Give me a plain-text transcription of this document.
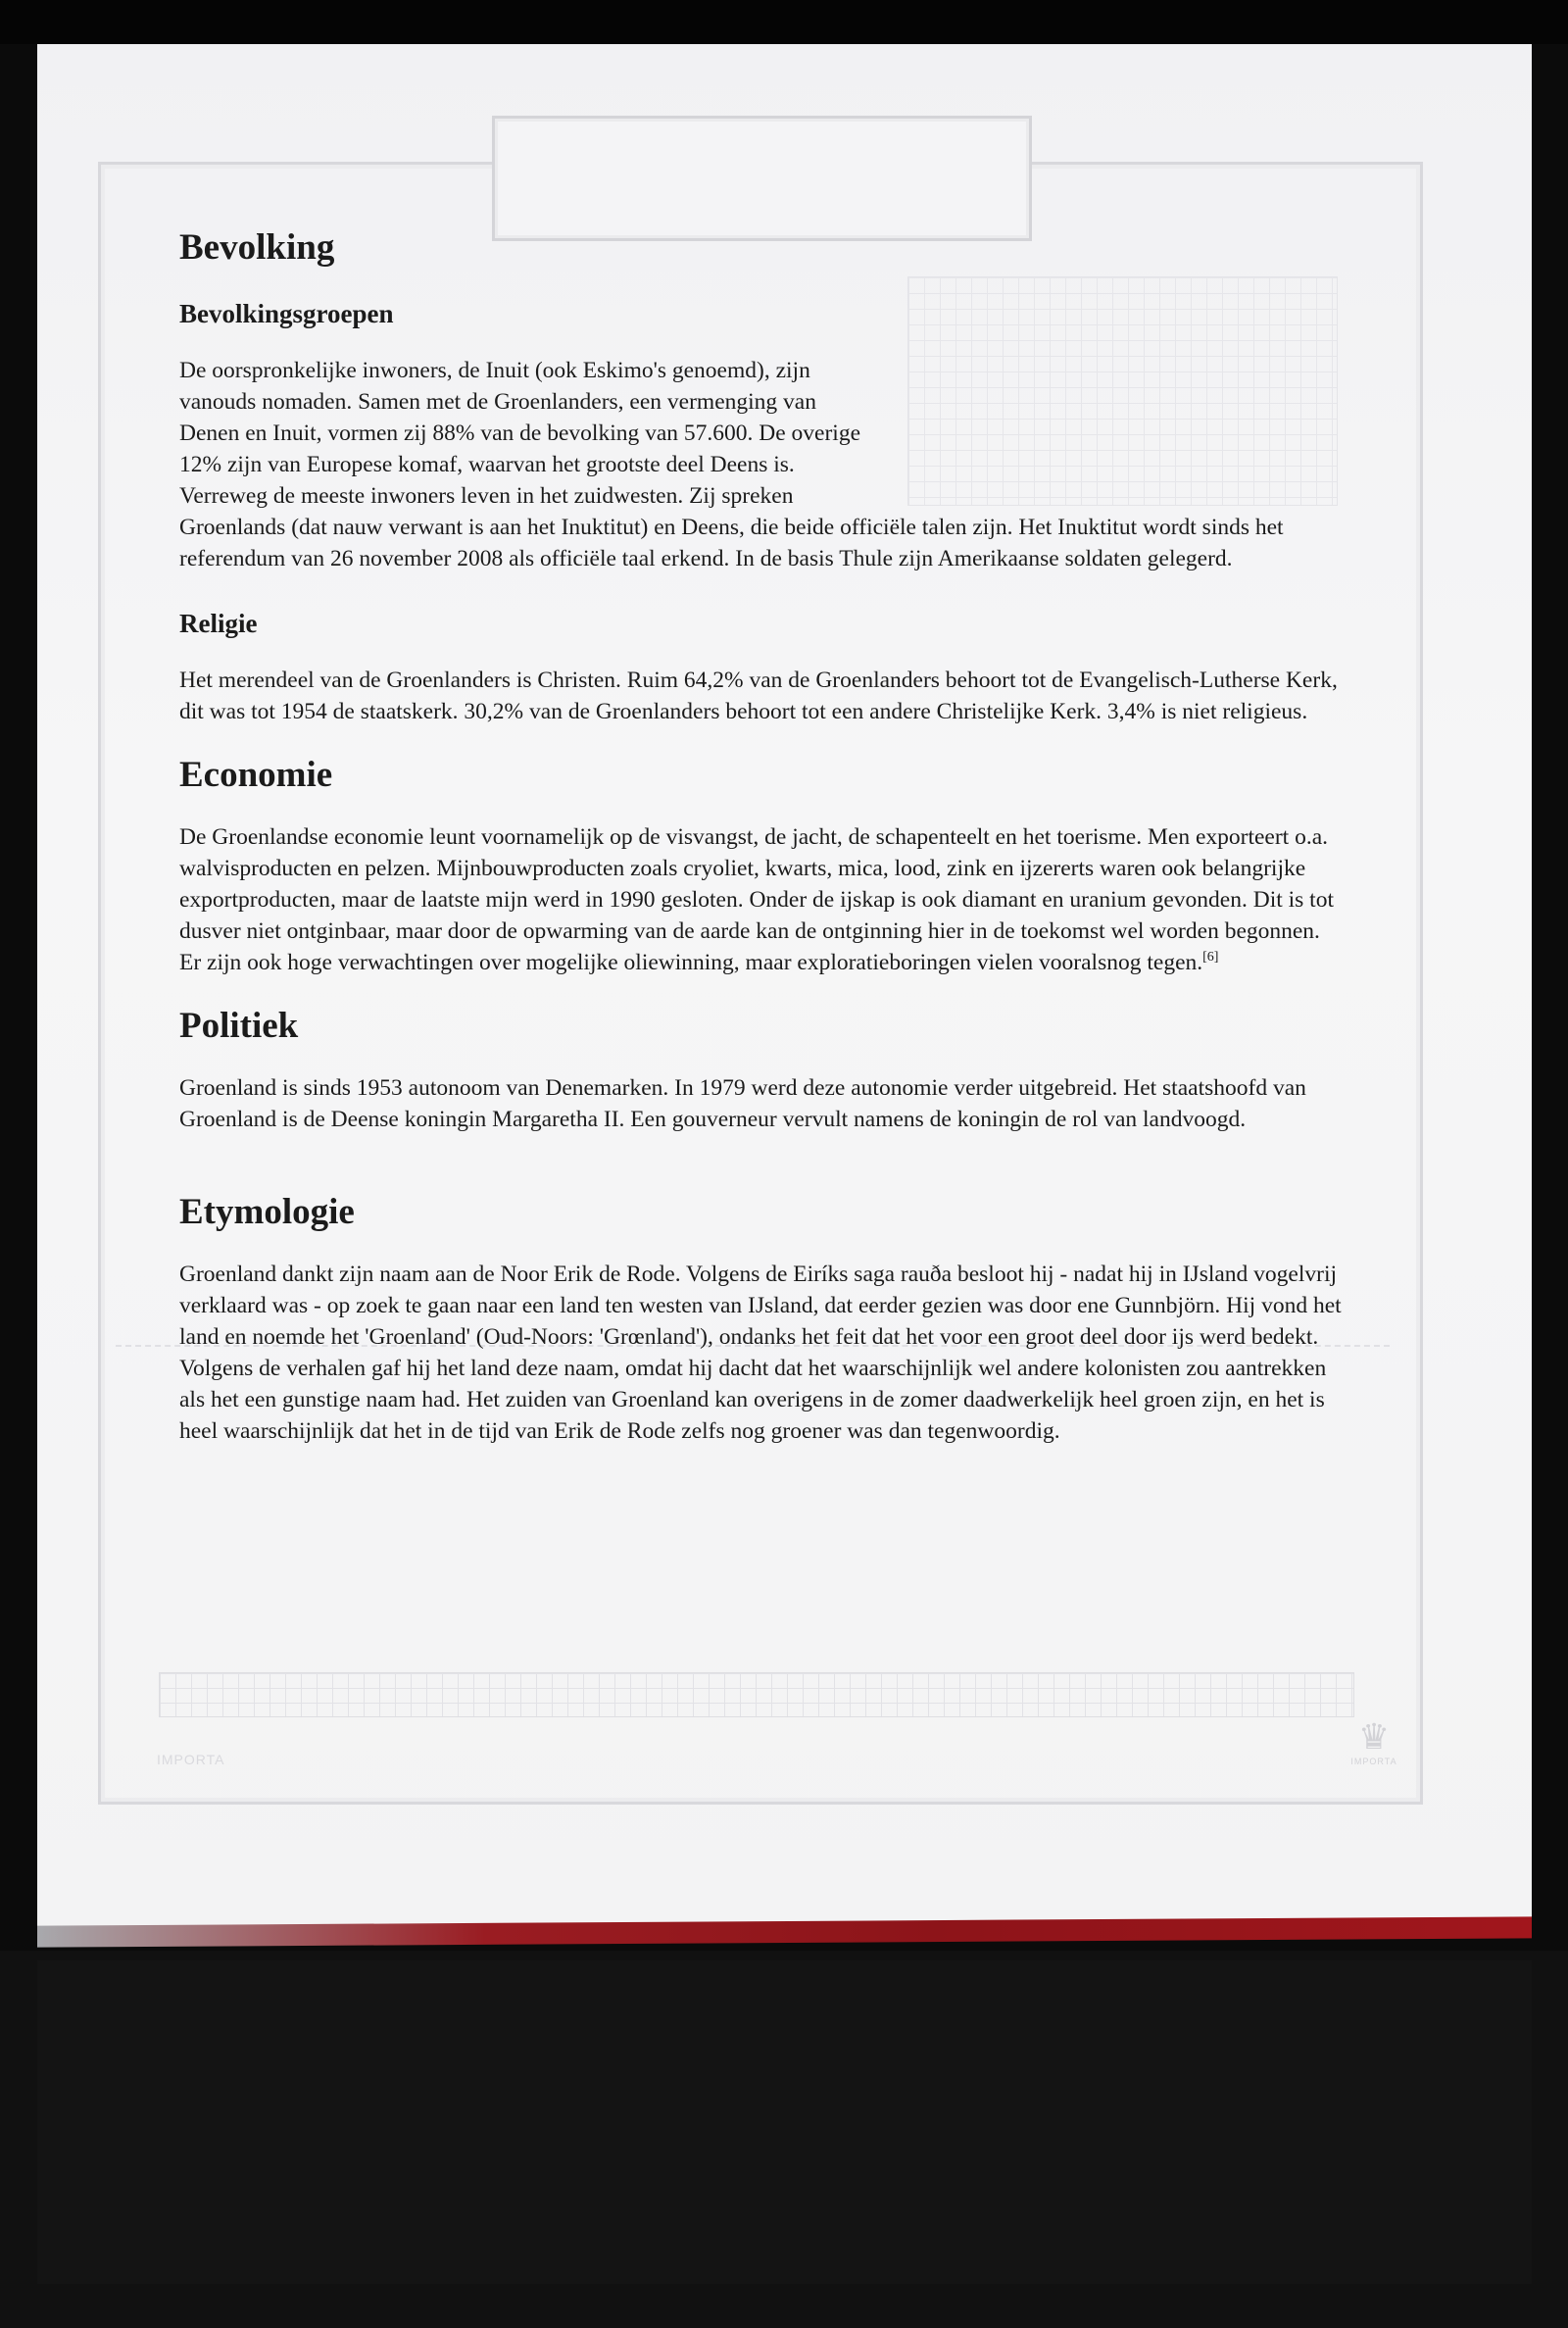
IMPORTA
♛
IMPORTA
Bevolking
Bevolkingsgroepen

De oorspronkelijke inwoners, de Inuit (ook Eskimo's genoemd), zijn vanouds nomaden. Samen met de Groenlanders, een vermenging van Denen en Inuit, vormen zij 88% van de bevolking van 57.600. De overige 12% zijn van Europese komaf, waarvan het grootste deel Deens is. Verreweg de meeste inwoners leven in het zuidwesten. Zij spreken Groenlands (dat nauw verwant is aan het Inuktitut) en Deens, die beide officiële talen zijn. Het Inuktitut wordt sinds het referendum van 26 november 2008 als officiële taal erkend. In de basis Thule zijn Amerikaanse soldaten gelegerd.

Religie

Het merendeel van de Groenlanders is Christen. Ruim 64,2% van de Groenlanders behoort tot de Evangelisch-Lutherse Kerk, dit was tot 1954 de staatskerk. 30,2% van de Groenlanders behoort tot een andere Christelijke Kerk. 3,4% is niet religieus.

Economie

De Groenlandse economie leunt voornamelijk op de visvangst, de jacht, de schapenteelt en het toerisme. Men exporteert o.a. walvisproducten en pelzen. Mijnbouwproducten zoals cryoliet, kwarts, mica, lood, zink en ijzererts waren ook belangrijke exportproducten, maar de laatste mijn werd in 1990 gesloten. Onder de ijskap is ook diamant en uranium gevonden. Dit is tot dusver niet ontginbaar, maar door de opwarming van de aarde kan de ontginning hier in de toekomst wel worden begonnen. Er zijn ook hoge verwachtingen over mogelijke oliewinning, maar exploratieboringen vielen vooralsnog tegen.[6]

Politiek

Groenland is sinds 1953 autonoom van Denemarken. In 1979 werd deze autonomie verder uitgebreid. Het staatshoofd van Groenland is de Deense koningin Margaretha II. Een gouverneur vervult namens de koningin de rol van landvoogd.

Etymologie

Groenland dankt zijn naam aan de Noor Erik de Rode. Volgens de Eiríks saga rauða besloot hij - nadat hij in IJsland vogelvrij verklaard was - op zoek te gaan naar een land ten westen van IJsland, dat eerder gezien was door ene Gunnbjörn. Hij vond het land en noemde het 'Groenland' (Oud-Noors: 'Grœnland'), ondanks het feit dat het voor een groot deel door ijs werd bedekt. Volgens de verhalen gaf hij het land deze naam, omdat hij dacht dat het waarschijnlijk wel andere kolonisten zou aantrekken als het een gunstige naam had. Het zuiden van Groenland kan overigens in de zomer daadwerkelijk heel groen zijn, en het is heel waarschijnlijk dat het in de tijd van Erik de Rode zelfs nog groener was dan tegenwoordig.
